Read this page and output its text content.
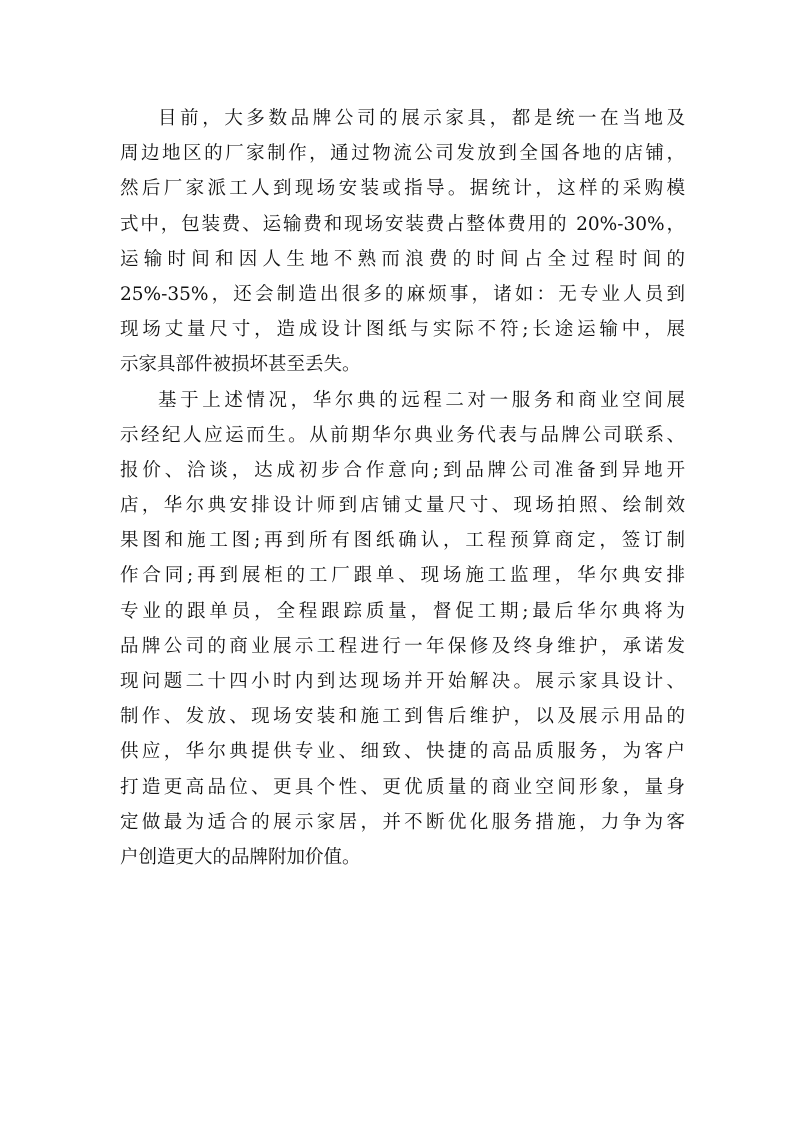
目前，大多数品牌公司的展示家具，都是统一在当地及
周边地区的厂家制作，通过物流公司发放到全国各地的店铺，
然后厂家派工人到现场安装或指导。据统计，这样的采购模
式中，包装费、运输费和现场安装费占整体费用的 20%-30%，
运输时间和因人生地不熟而浪费的时间占全过程时间的
25%-35%，还会制造出很多的麻烦事，诸如：无专业人员到
现场丈量尺寸，造成设计图纸与实际不符;长途运输中，展
示家具部件被损坏甚至丢失。
基于上述情况，华尔典的远程二对一服务和商业空间展
示经纪人应运而生。从前期华尔典业务代表与品牌公司联系、
报价、洽谈，达成初步合作意向;到品牌公司准备到异地开
店，华尔典安排设计师到店铺丈量尺寸、现场拍照、绘制效
果图和施工图;再到所有图纸确认，工程预算商定，签订制
作合同;再到展柜的工厂跟单、现场施工监理，华尔典安排
专业的跟单员，全程跟踪质量，督促工期;最后华尔典将为
品牌公司的商业展示工程进行一年保修及终身维护，承诺发
现问题二十四小时内到达现场并开始解决。展示家具设计、
制作、发放、现场安装和施工到售后维护，以及展示用品的
供应，华尔典提供专业、细致、快捷的高品质服务，为客户
打造更高品位、更具个性、更优质量的商业空间形象，量身
定做最为适合的展示家居，并不断优化服务措施，力争为客
户创造更大的品牌附加价值。
